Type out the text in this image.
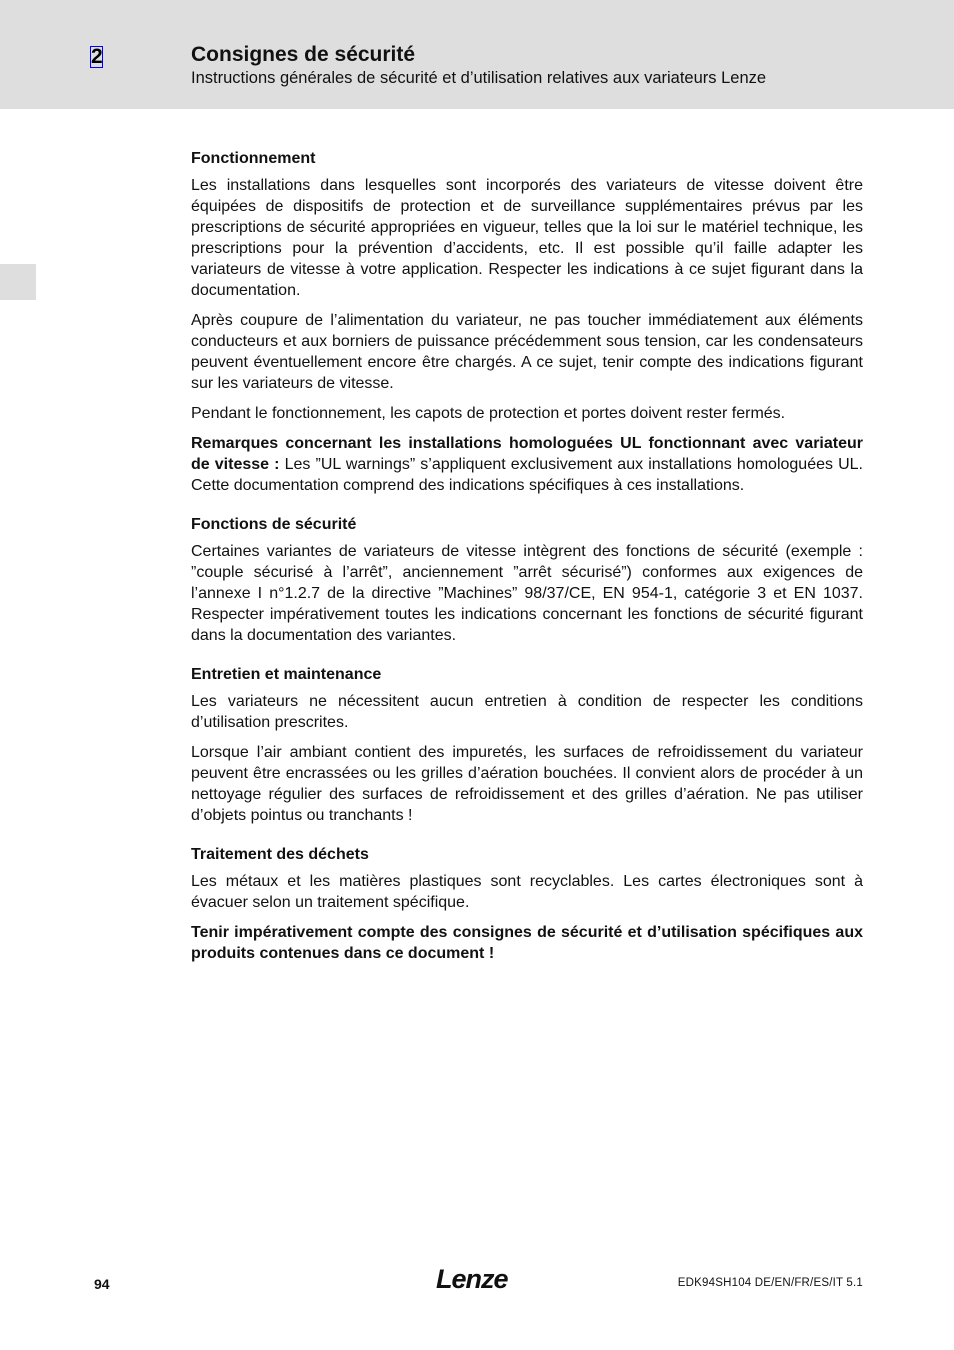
2	Consignes de sécurité
Instructions générales de sécurité et d’utilisation relatives aux variateurs Lenze
Fonctionnement

Les installations dans lesquelles sont incorporés des variateurs de vitesse doivent être équipées de dispositifs de protection et de surveillance supplémentaires prévus par les prescriptions de sécurité appropriées en vigueur, telles que la loi sur le matériel technique, les prescriptions pour la prévention d’accidents, etc. Il est possible qu’il faille adapter les variateurs de vitesse à votre application. Respecter les indications à ce sujet figurant dans la documentation.

Après coupure de l’alimentation du variateur, ne pas toucher immédiatement aux éléments conducteurs et aux borniers de puissance précédemment sous tension, car les condensateurs peuvent éventuellement encore être chargés. A ce sujet, tenir compte des indications figurant sur les variateurs de vitesse.

Pendant le fonctionnement, les capots de protection et portes doivent rester fermés.

Remarques concernant les installations homologuées UL fonctionnant avec variateur de vitesse : Les ”UL warnings” s’appliquent exclusivement aux installations homologuées UL. Cette documentation comprend des indications spécifiques à ces installations.

Fonctions de sécurité

Certaines variantes de variateurs de vitesse intègrent des fonctions de sécurité (exemple : ”couple sécurisé à l’arrêt”, anciennement ”arrêt sécurisé”) conformes aux exigences de l’annexe I n°1.2.7 de la directive ”Machines” 98/37/CE, EN 954-1, catégorie 3 et EN 1037. Respecter impérativement toutes les indications concernant les fonctions de sécurité figurant dans la documentation des variantes.

Entretien et maintenance

Les variateurs ne nécessitent aucun entretien à condition de respecter les conditions d’utilisation prescrites.

Lorsque l’air ambiant contient des impuretés, les surfaces de refroidissement du variateur peuvent être encrassées ou les grilles d’aération bouchées. Il convient alors de procéder à un nettoyage régulier des surfaces de refroidissement et des grilles d’aération. Ne pas utiliser d’objets pointus ou tranchants !

Traitement des déchets

Les métaux et les matières plastiques sont recyclables. Les cartes électroniques sont à évacuer selon un traitement spécifique.

Tenir impérativement compte des consignes de sécurité et d’utilisation spécifiques aux produits contenues dans ce document !

94	Lenze	EDK94SH104 DE/EN/FR/ES/IT 5.1
